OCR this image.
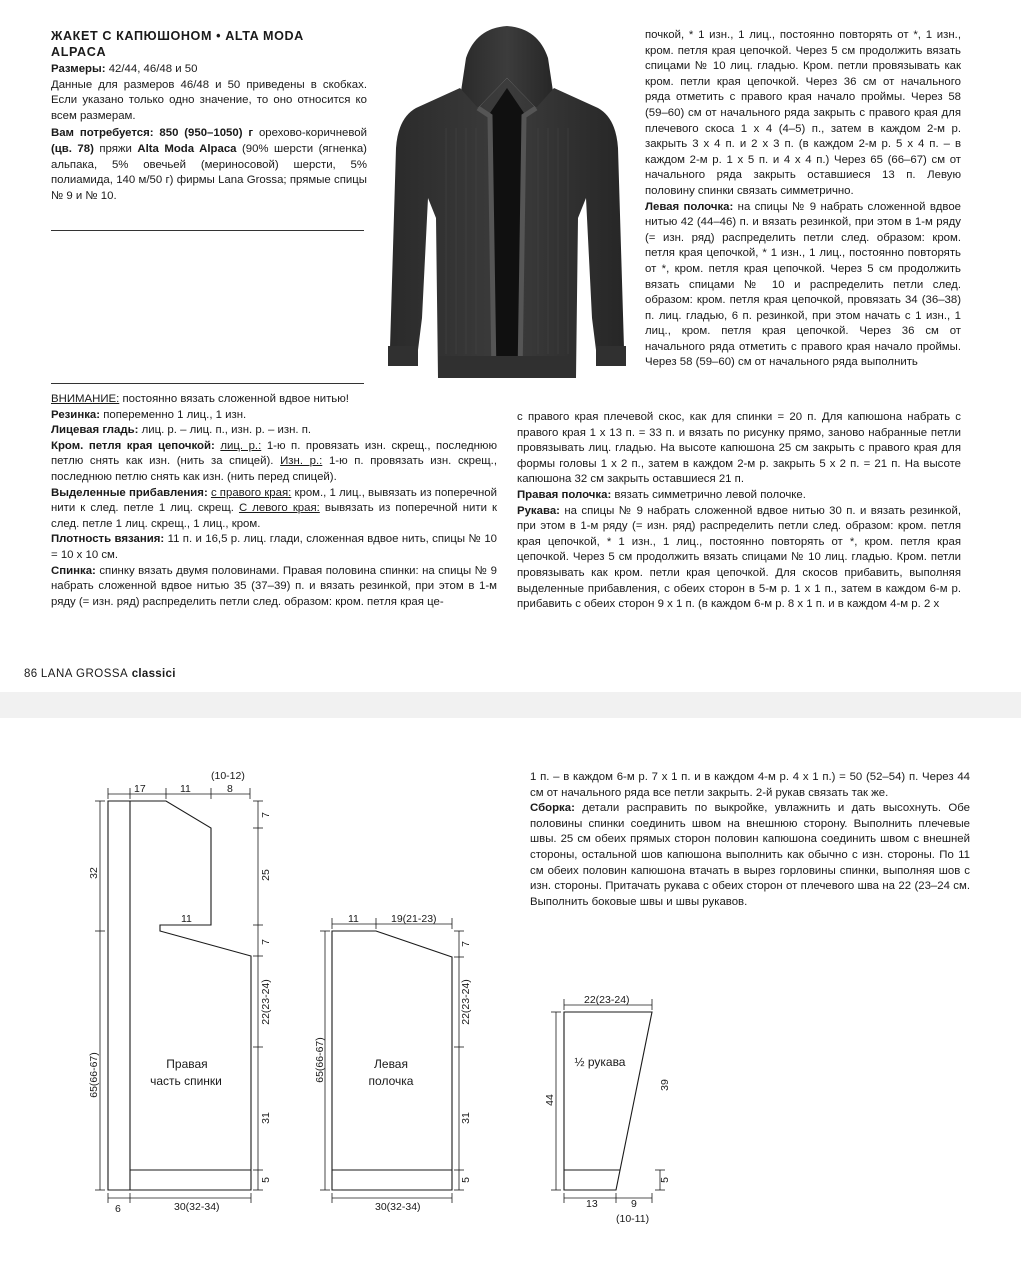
ЖАКЕТ С КАПЮШОНОМ • ALTA MODA
ALPACA

Размеры: 42/44, 46/48 и 50

Данные для размеров 46/48 и 50 приведены в скобках. Если указано только одно значение, то оно относится ко всем размерам.

Вам потребуется: 850 (950–1050) г орехово-коричневой (цв. 78) пряжи Alta Moda Alpaca (90% шерсти (ягненка) альпака, 5% овечьей (мериносовой) шерсти, 5% полиамида, 140 м/50 г) фирмы Lana Grossa; прямые спицы № 9 и № 10.

ВНИМАНИЕ: постоянно вязать сложенной вдвое нитью!

Резинка: попеременно 1 лиц., 1 изн.

Лицевая гладь: лиц. р. – лиц. п., изн. р. – изн. п.

Кром. петля края цепочкой: лиц. р.: 1-ю п. провязать изн. скрещ., последнюю петлю снять как изн. (нить за спицей). Изн. р.: 1-ю п. провязать изн. скрещ., последнюю петлю снять как изн. (нить перед спицей).

Выделенные прибавления: с правого края: кром., 1 лиц., вывязать из поперечной нити к след. петле 1 лиц. скрещ. С левого края: вывязать из поперечной нити к след. петле 1 лиц. скрещ., 1 лиц., кром.

Плотность вязания: 11 п. и 16,5 р. лиц. глади, сложенная вдвое нить, спицы № 10 = 10 х 10 см.

Спинка: спинку вязать двумя половинами. Правая половина спинки: на спицы № 9 набрать сложенной вдвое нитью 35 (37–39) п. и вязать резинкой, при этом в 1-м ряду (= изн. ряд) распределить петли след. образом: кром. петля края це-

почкой, * 1 изн., 1 лиц., постоянно повторять от *, 1 изн., кром. петля края цепочкой. Через 5 см продолжить вязать спицами № 10 лиц. гладью. Кром. петли провязывать как кром. петли края цепочкой. Через 36 см от начального ряда отметить с правого края начало проймы. Через 58 (59–60) см от начального ряда закрыть с правого края для плечевого скоса 1 х 4 (4–5) п., затем в каждом 2-м р. закрыть 3 х 4 п. и 2 х 3 п. (в каждом 2-м р. 5 х 4 п. – в каждом 2-м р. 1 х 5 п. и 4 х 4 п.) Через 65 (66–67) см от начального ряда закрыть оставшиеся 13 п. Левую половину спинки связать симметрично.

Левая полочка: на спицы № 9 набрать сложенной вдвое нитью 42 (44–46) п. и вязать резинкой, при этом в 1-м ряду (= изн. ряд) распределить петли след. образом: кром. петля края цепочкой, * 1 изн., 1 лиц., постоянно повторять от *, кром. петля края цепочкой. Через 5 см продолжить вязать спицами № 10 и распределить петли след. образом: кром. петля края цепочкой, провязать 34 (36–38) п. лиц. гладью, 6 п. резинкой, при этом начать с 1 изн., 1 лиц., кром. петля края цепочкой. Через 36 см от начального ряда отметить с правого края начало проймы. Через 58 (59–60) см от начального ряда выполнить

с правого края плечевой скос, как для спинки = 20 п. Для капюшона набрать с правого края 1 х 13 п. = 33 п. и вязать по рисунку прямо, заново набранные петли провязывать лиц. гладью. На высоте капюшона 25 см закрыть с правого края для формы головы 1 х 2 п., затем в каждом 2-м р. закрыть 5 х 2 п. = 21 п. На высоте капюшона 32 см закрыть оставшиеся 21 п.

Правая полочка: вязать симметрично левой полочке.

Рукава: на спицы № 9 набрать сложенной вдвое нитью 30 п. и вязать резинкой, при этом в 1-м ряду (= изн. ряд) распределить петли след. образом: кром. петля края цепочкой, * 1 изн., 1 лиц., постоянно повторять от *, кром. петля края цепочкой. Через 5 см продолжить вязать спицами № 10 лиц. гладью. Кром. петли провязывать как кром. петли края цепочкой. Для скосов прибавить, выполняя выделенные прибавления, с обеих сторон в 5-м р. 1 х 1 п., затем в каждом 6-м р. прибавить с обеих сторон 9 х 1 п. (в каждом 6-м р. 8 х 1 п. и в каждом 4-м р. 2 х

86 LANA GROSSA classici

1 п. – в каждом 6-м р. 7 х 1 п. и в каждом 4-м р. 4 х 1 п.) = 50 (52–54) п. Через 44 см от начального ряда все петли закрыть. 2-й рукав связать так же.

Сборка: детали расправить по выкройке, увлажнить и дать высохнуть. Обе половины спинки соединить швом на внешнюю сторону. Выполнить плечевые швы. 25 см обеих прямых сторон половин капюшона соединить швом с внешней стороны, остальной шов капюшона выполнить как обычно с изн. стороны. По 11 см обеих половин капюшона втачать в вырез горловины спинки, выполняя шов с изн. стороны. Притачать рукава с обеих сторон от плечевого шва на 22 (23–24 см. Выполнить боковые швы и швы рукавов.

17	11
(10-12)
8
32
7
25
11
7
22(23-24)
65(66-67)
31
5
6	30(32-34)
Правая
часть спинки
11	19(21-23)
7
22(23-24)
65(66-67)
31
5
30(32-34)
Левая
полочка
22(23-24)
44
39
5
13	9
(10-11)
½ рукава
